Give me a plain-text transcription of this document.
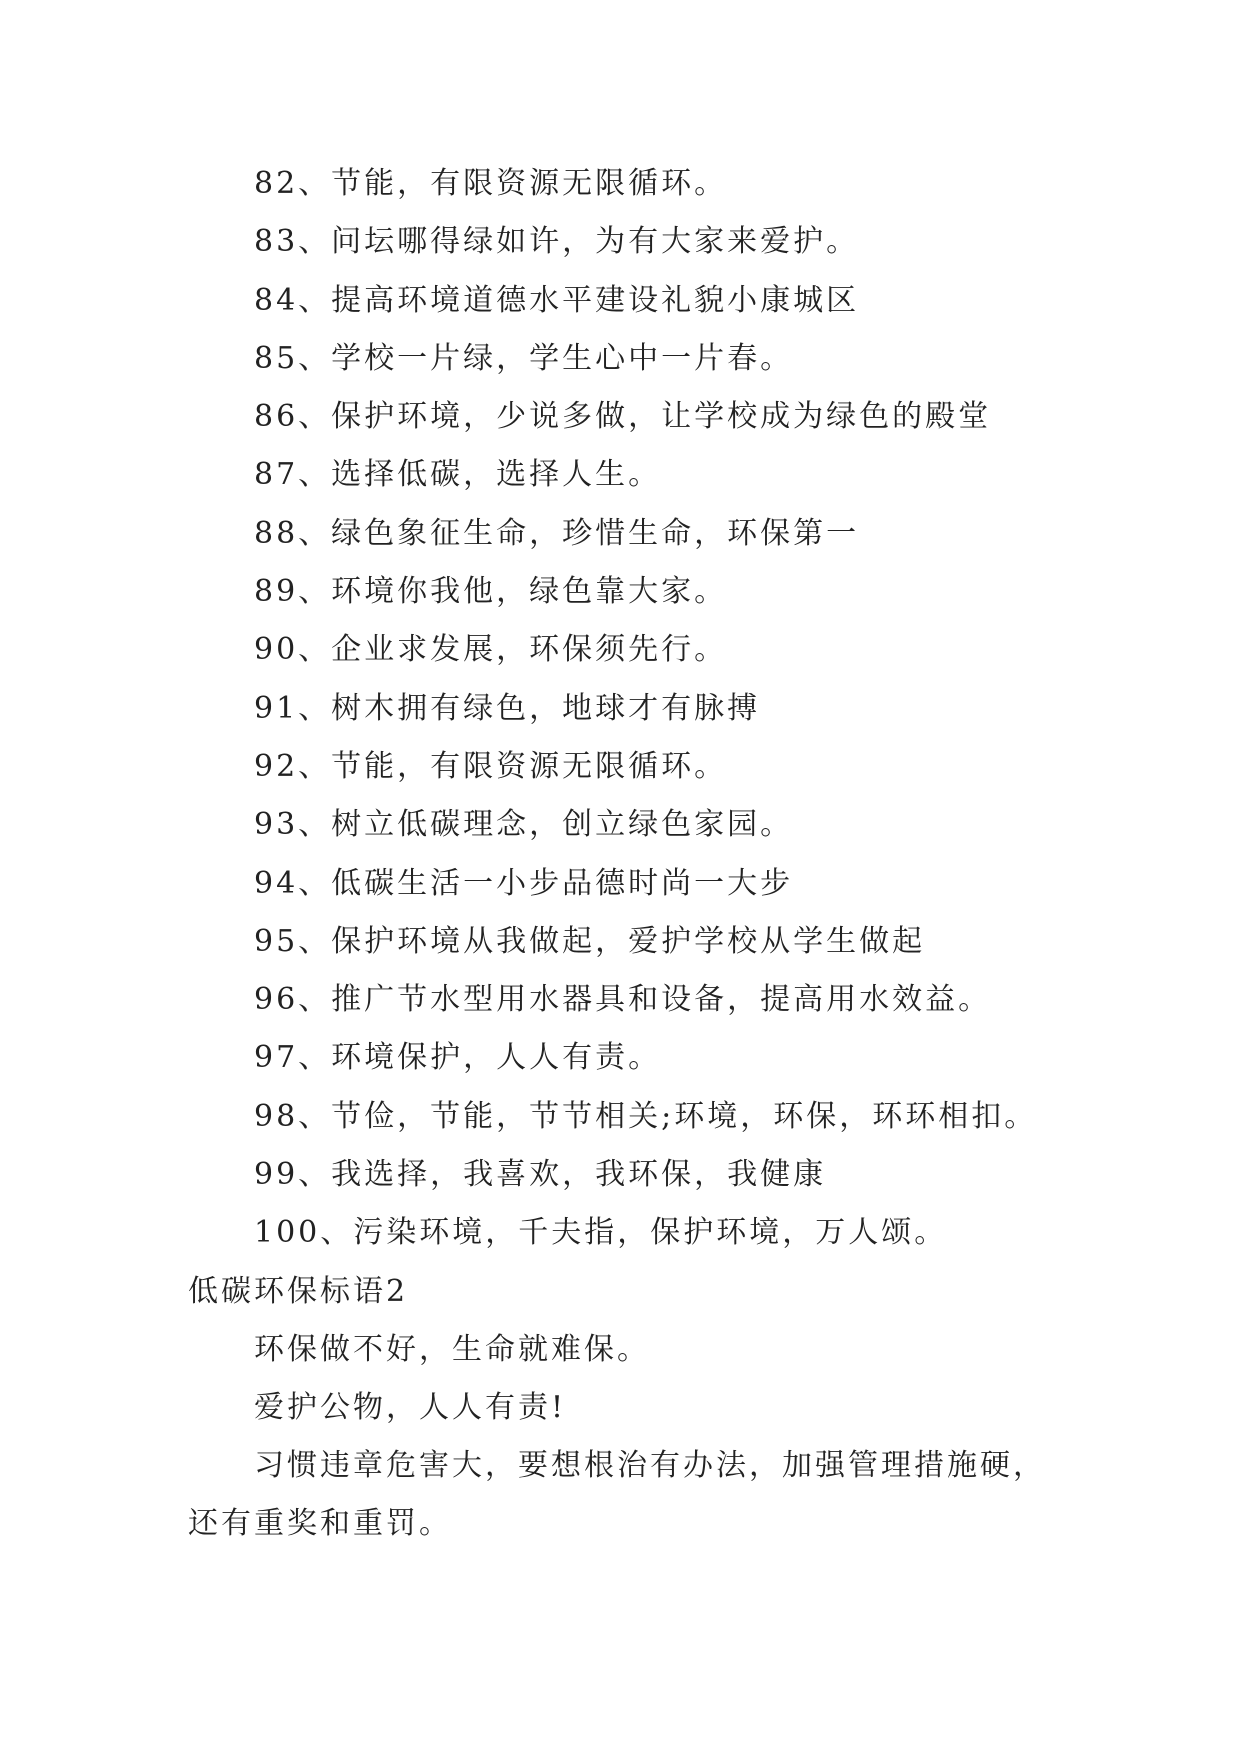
82、节能，有限资源无限循环。
83、问坛哪得绿如许，为有大家来爱护。
84、提高环境道德水平建设礼貌小康城区
85、学校一片绿，学生心中一片春。
86、保护环境，少说多做，让学校成为绿色的殿堂
87、选择低碳，选择人生。
88、绿色象征生命，珍惜生命，环保第一
89、环境你我他，绿色靠大家。
90、企业求发展，环保须先行。
91、树木拥有绿色，地球才有脉搏
92、节能，有限资源无限循环。
93、树立低碳理念，创立绿色家园。
94、低碳生活一小步品德时尚一大步
95、保护环境从我做起，爱护学校从学生做起
96、推广节水型用水器具和设备，提高用水效益。
97、环境保护，人人有责。
98、节俭，节能，节节相关;环境，环保，环环相扣。
99、我选择，我喜欢，我环保，我健康
100、污染环境，千夫指，保护环境，万人颂。
低碳环保标语2
环保做不好，生命就难保。
爱护公物，人人有责!

习惯违章危害大，要想根治有办法，加强管理措施硬，还有重奖和重罚。
